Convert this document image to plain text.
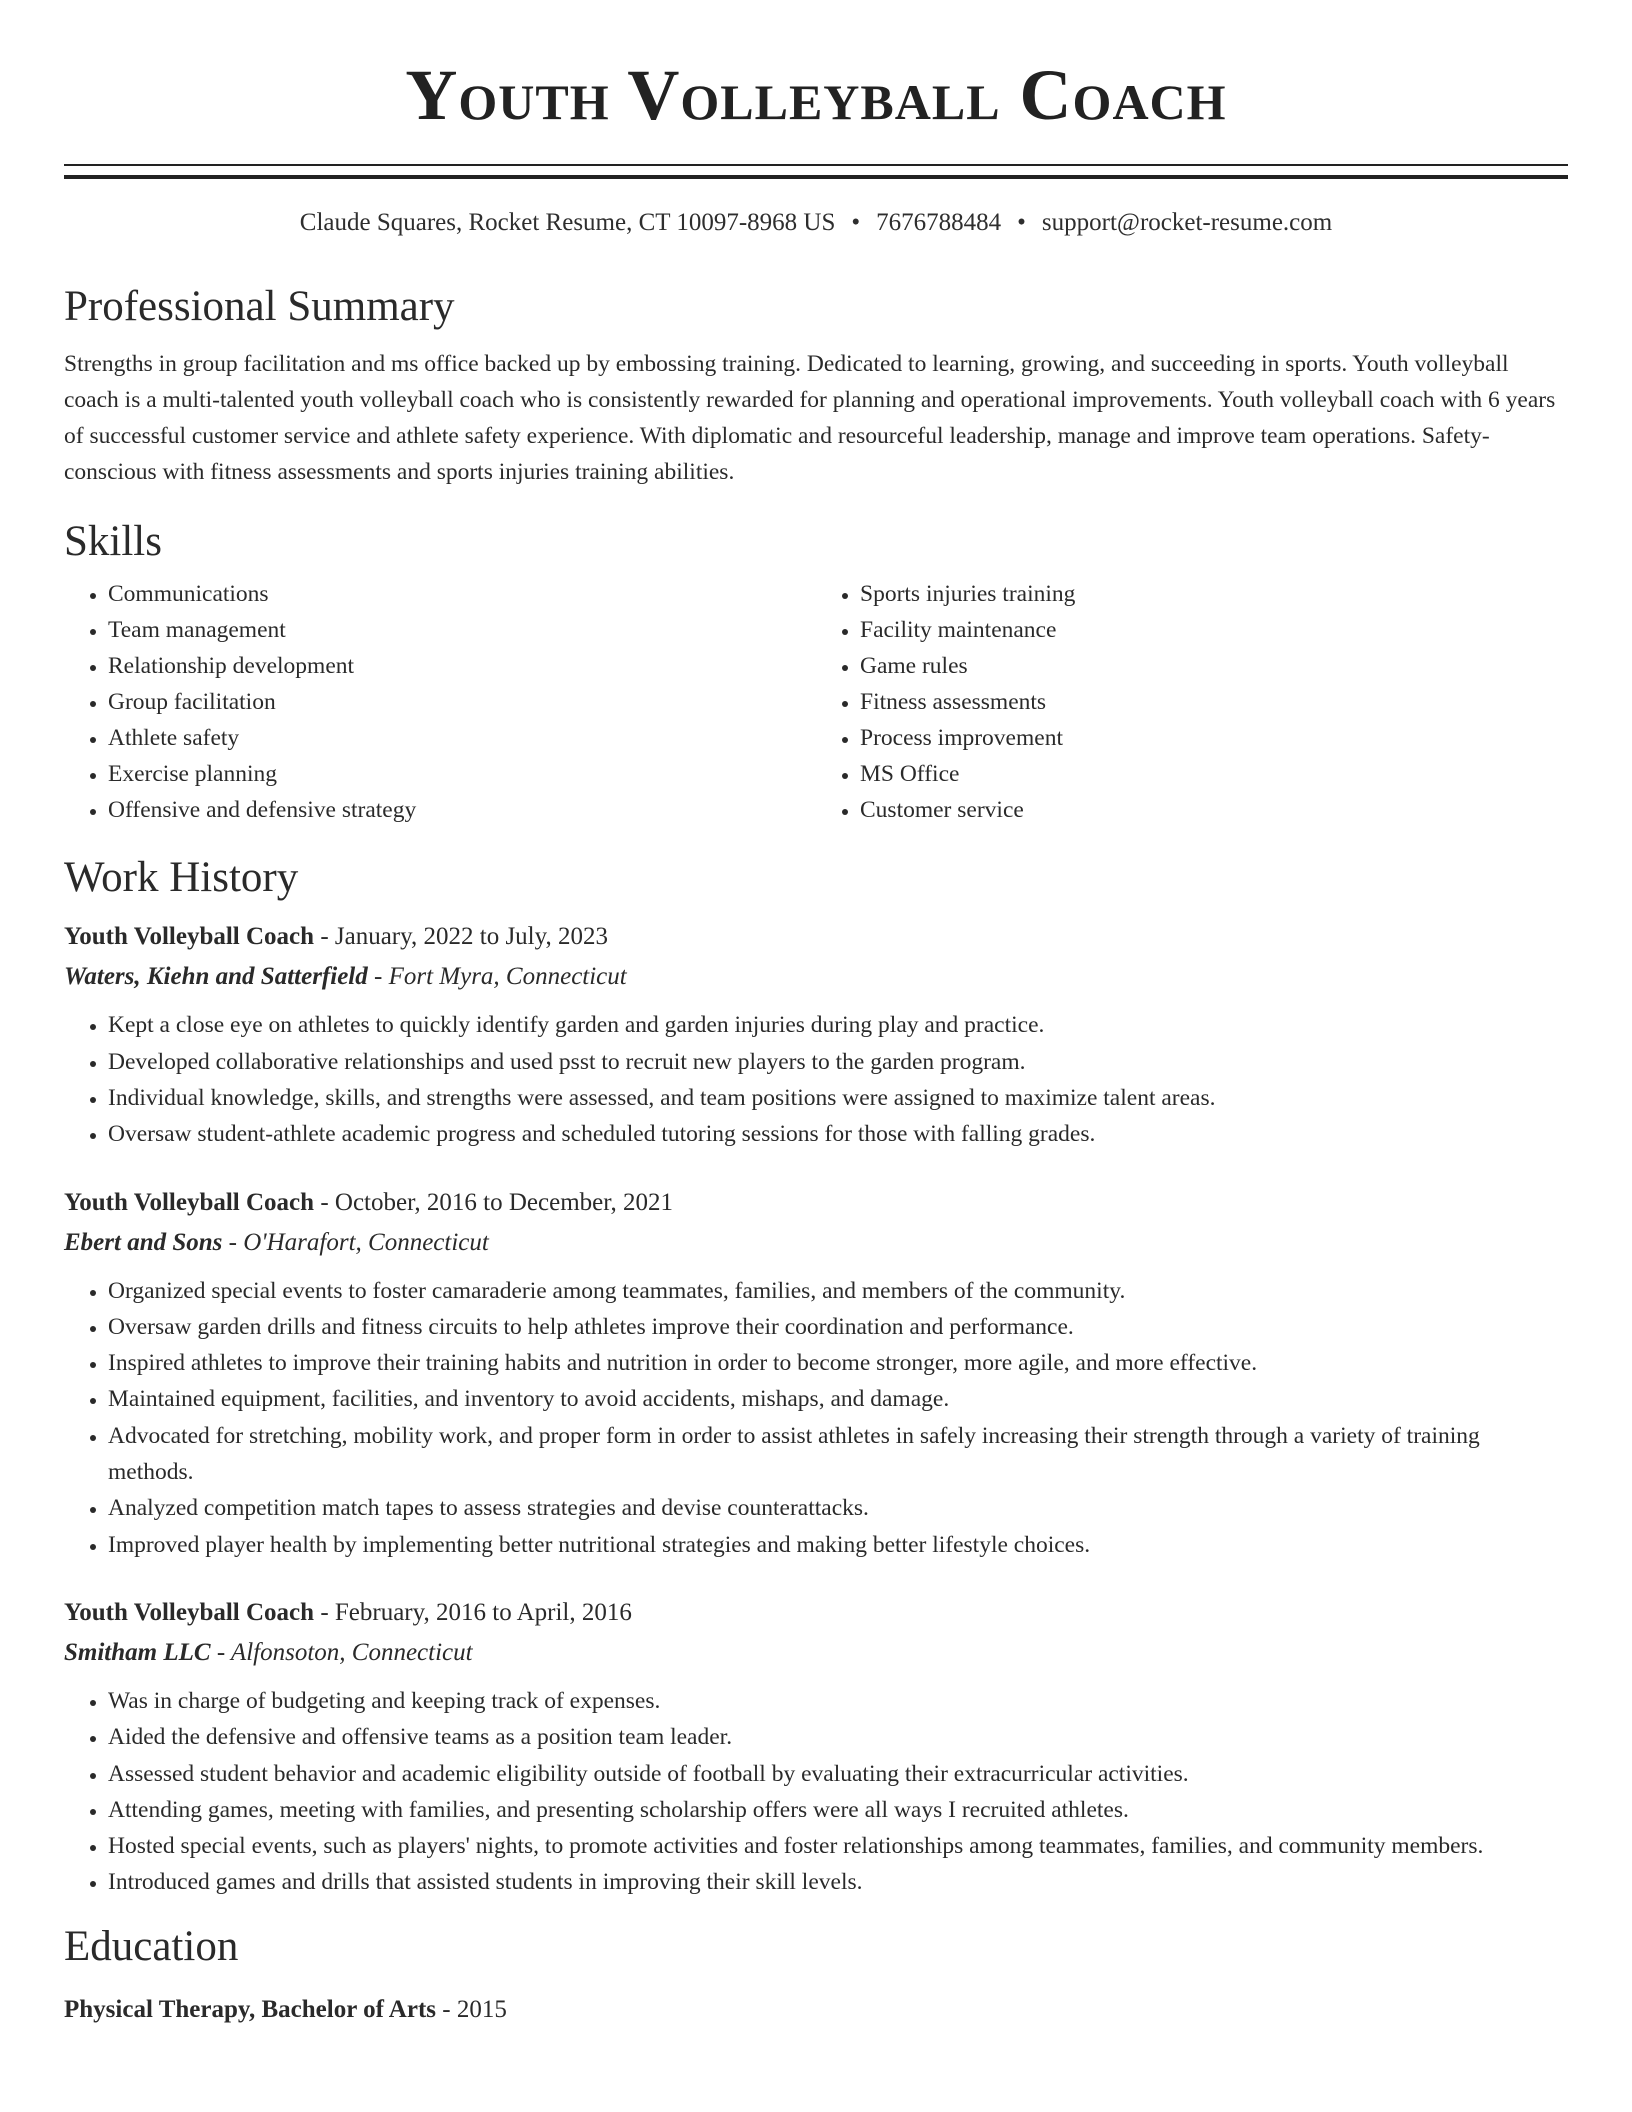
Youth Volleyball Coach
Claude Squares, Rocket Resume, CT 10097-8968 US • 7676788484 • support@rocket-resume.com
Professional Summary

Strengths in group facilitation and ms office backed up by embossing training. Dedicated to learning, growing, and succeeding in sports. Youth volleyball coach is a multi-talented youth volleyball coach who is consistently rewarded for planning and operational improvements. Youth volleyball coach with 6 years of successful customer service and athlete safety experience. With diplomatic and resourceful leadership, manage and improve team operations. Safety-conscious with fitness assessments and sports injuries training abilities.

Skills
• Communications
• Team management
• Relationship development
• Group facilitation
• Athlete safety
• Exercise planning
• Offensive and defensive strategy
• Sports injuries training
• Facility maintenance
• Game rules
• Fitness assessments
• Process improvement
• MS Office
• Customer service
Work History
Youth Volleyball Coach - January, 2022 to July, 2023
Waters, Kiehn and Satterfield - Fort Myra, Connecticut
• Kept a close eye on athletes to quickly identify garden and garden injuries during play and practice.
• Developed collaborative relationships and used psst to recruit new players to the garden program.
• Individual knowledge, skills, and strengths were assessed, and team positions were assigned to maximize talent areas.
• Oversaw student-athlete academic progress and scheduled tutoring sessions for those with falling grades.
Youth Volleyball Coach - October, 2016 to December, 2021
Ebert and Sons - O'Harafort, Connecticut
• Organized special events to foster camaraderie among teammates, families, and members of the community.
• Oversaw garden drills and fitness circuits to help athletes improve their coordination and performance.
• Inspired athletes to improve their training habits and nutrition in order to become stronger, more agile, and more effective.
• Maintained equipment, facilities, and inventory to avoid accidents, mishaps, and damage.
• Advocated for stretching, mobility work, and proper form in order to assist athletes in safely increasing their strength through a variety of training methods.
• Analyzed competition match tapes to assess strategies and devise counterattacks.
• Improved player health by implementing better nutritional strategies and making better lifestyle choices.
Youth Volleyball Coach - February, 2016 to April, 2016
Smitham LLC - Alfonsoton, Connecticut
• Was in charge of budgeting and keeping track of expenses.
• Aided the defensive and offensive teams as a position team leader.
• Assessed student behavior and academic eligibility outside of football by evaluating their extracurricular activities.
• Attending games, meeting with families, and presenting scholarship offers were all ways I recruited athletes.
• Hosted special events, such as players' nights, to promote activities and foster relationships among teammates, families, and community members.
• Introduced games and drills that assisted students in improving their skill levels.
Education
Physical Therapy, Bachelor of Arts - 2015
